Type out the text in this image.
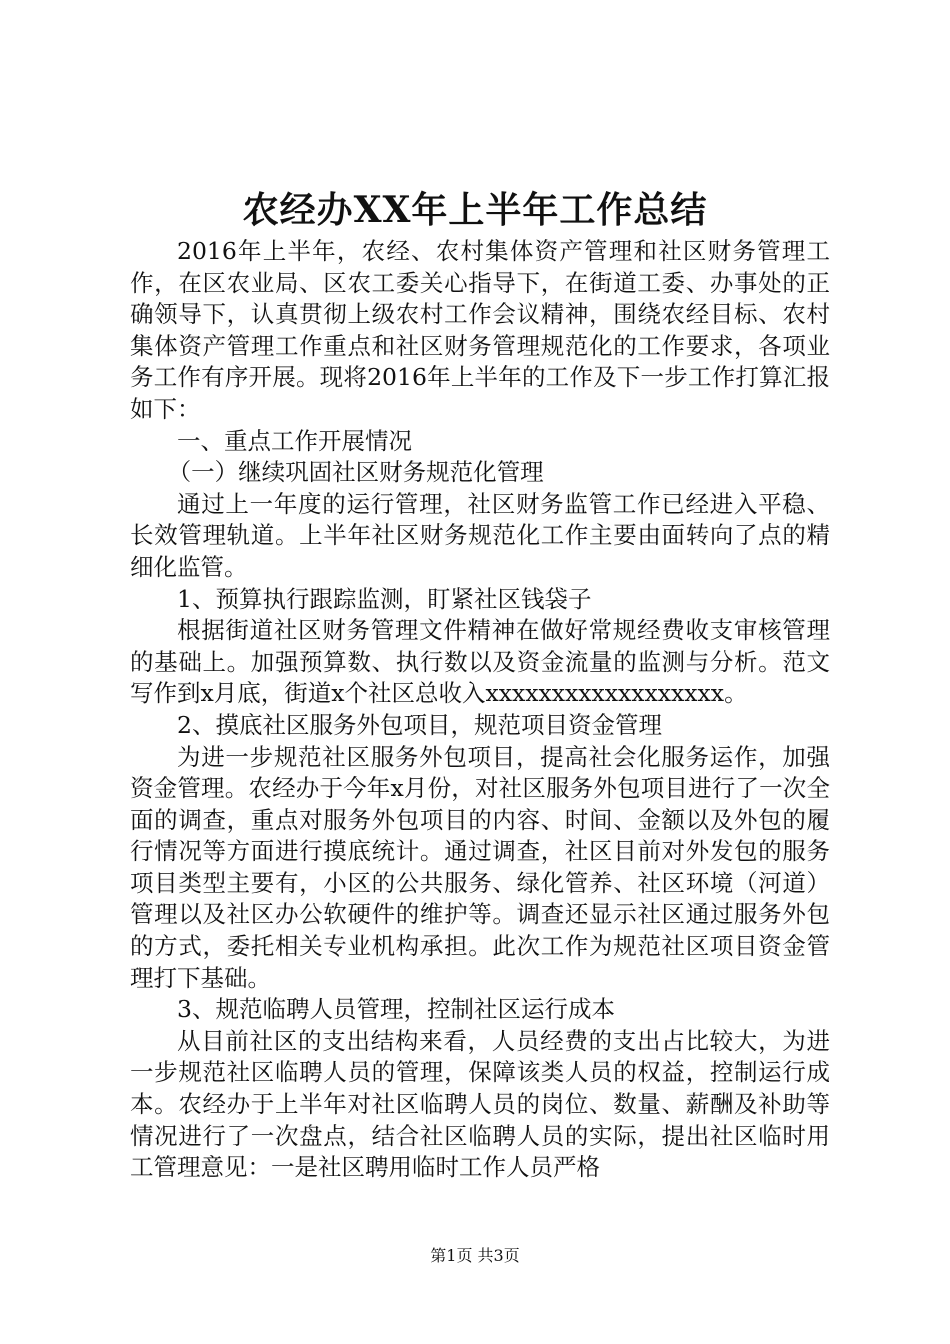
农经办XX年上半年工作总结

2016年上半年，农经、农村集体资产管理和社区财务管理工作，在区农业局、区农工委关心指导下，在街道工委、办事处的正确领导下，认真贯彻上级农村工作会议精神，围绕农经目标、农村集体资产管理工作重点和社区财务管理规范化的工作要求，各项业务工作有序开展。现将2016年上半年的工作及下一步工作打算汇报如下：

一、重点工作开展情况

（一）继续巩固社区财务规范化管理

通过上一年度的运行管理，社区财务监管工作已经进入平稳、长效管理轨道。上半年社区财务规范化工作主要由面转向了点的精细化监管。

1、预算执行跟踪监测，盯紧社区钱袋子

根据街道社区财务管理文件精神在做好常规经费收支审核管理的基础上。加强预算数、执行数以及资金流量的监测与分析。范文写作到x月底，街道x个社区总收入xxxxxxxxxxxxxxxxxx。

2、摸底社区服务外包项目，规范项目资金管理

为进一步规范社区服务外包项目，提高社会化服务运作，加强资金管理。农经办于今年x月份，对社区服务外包项目进行了一次全面的调查，重点对服务外包项目的内容、时间、金额以及外包的履行情况等方面进行摸底统计。通过调查，社区目前对外发包的服务项目类型主要有，小区的公共服务、绿化管养、社区环境（河道）管理以及社区办公软硬件的维护等。调查还显示社区通过服务外包的方式，委托相关专业机构承担。此次工作为规范社区项目资金管理打下基础。

3、规范临聘人员管理，控制社区运行成本

从目前社区的支出结构来看，人员经费的支出占比较大，为进一步规范社区临聘人员的管理，保障该类人员的权益，控制运行成本。农经办于上半年对社区临聘人员的岗位、数量、薪酬及补助等情况进行了一次盘点，结合社区临聘人员的实际，提出社区临时用工管理意见：一是社区聘用临时工作人员严格

第1页 共3页
